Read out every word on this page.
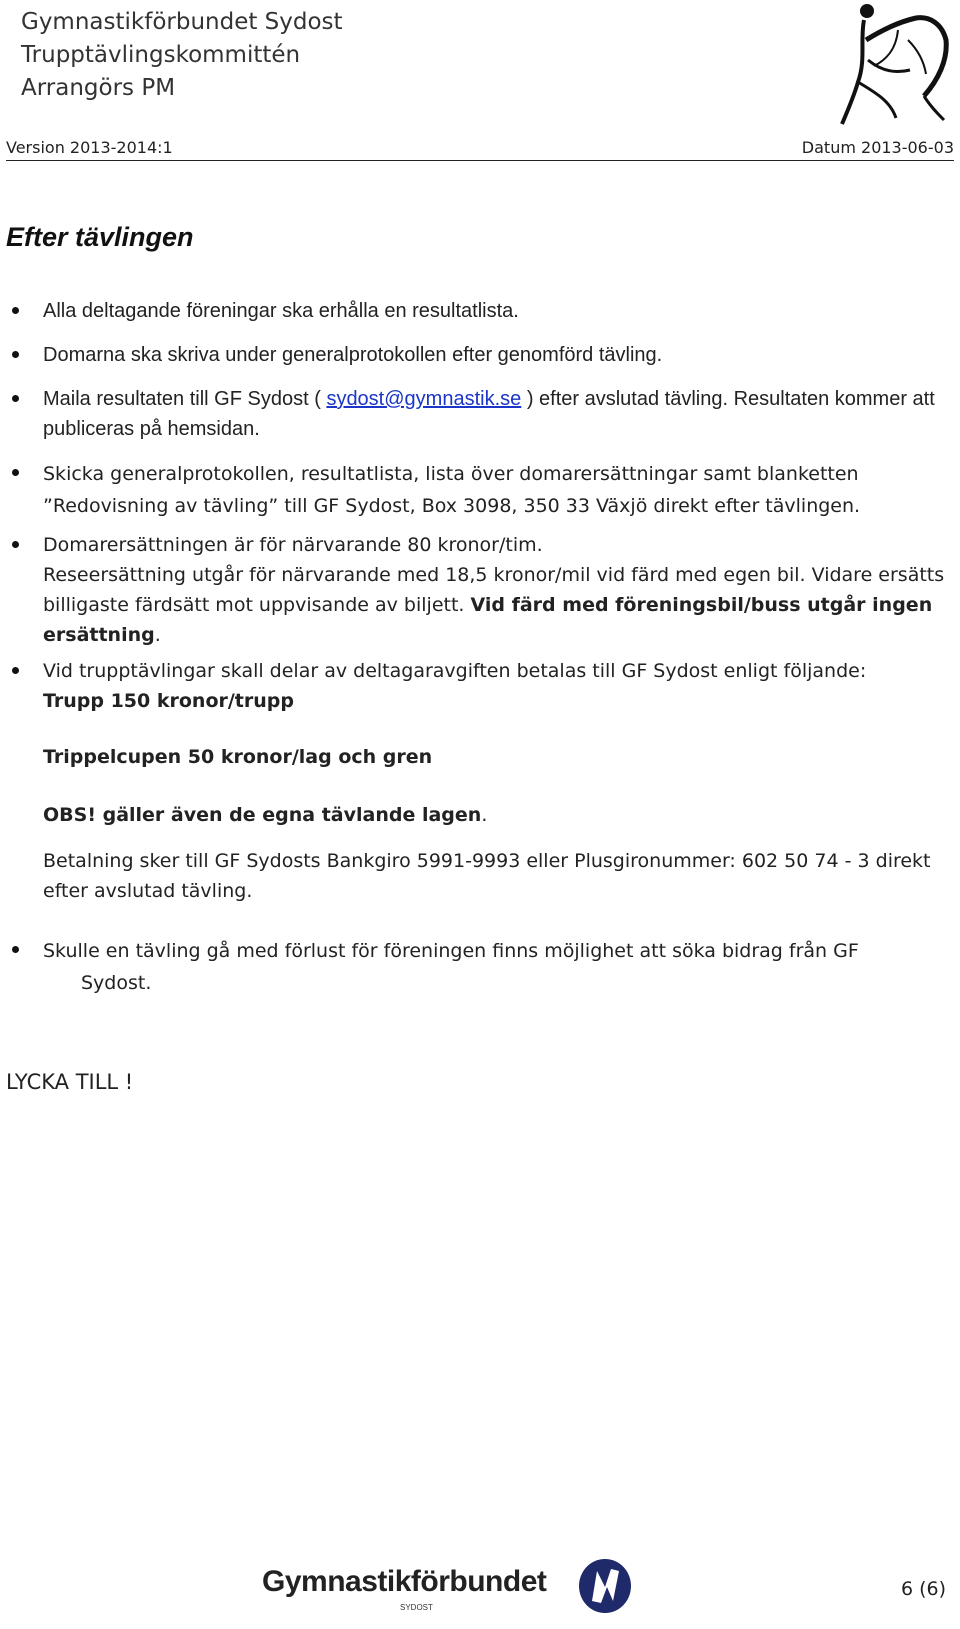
Gymnastikförbundet Sydost
Trupptävlingskommittén
Arrangörs PM
Version 2013-2014:1	Datum 2013-06-03
Efter tävlingen
Alla deltagande föreningar ska erhålla en resultatlista.
Domarna ska skriva under generalprotokollen efter genomförd tävling.
Maila resultaten till GF Sydost ( sydost@gymnastik.se ) efter avslutad tävling. Resultaten kommer att publiceras på hemsidan.
Skicka generalprotokollen, resultatlista, lista över domarersättningar samt blanketten ”Redovisning av tävling” till GF Sydost, Box 3098, 350 33 Växjö direkt efter tävlingen.
Domarersättningen är för närvarande 80 kronor/tim.
Reseersättning utgår för närvarande med 18,5 kronor/mil vid färd med egen bil. Vidare ersätts billigaste färdsätt mot uppvisande av biljett. Vid färd med föreningsbil/buss utgår ingen ersättning.
Vid trupptävlingar skall delar av deltagaravgiften betalas till GF Sydost enligt följande:
Trupp 150 kronor/trupp
Trippelcupen 50 kronor/lag och gren
OBS! gäller även de egna tävlande lagen.
Betalning sker till GF Sydosts Bankgiro 5991-9993 eller Plusgironummer: 602 50 74 - 3 direkt efter avslutad tävling.
Skulle en tävling gå med förlust för föreningen finns möjlighet att söka bidrag från GF
Sydost.
LYCKA TILL !
Gymnastikförbundet
SYDOST
6 (6)
